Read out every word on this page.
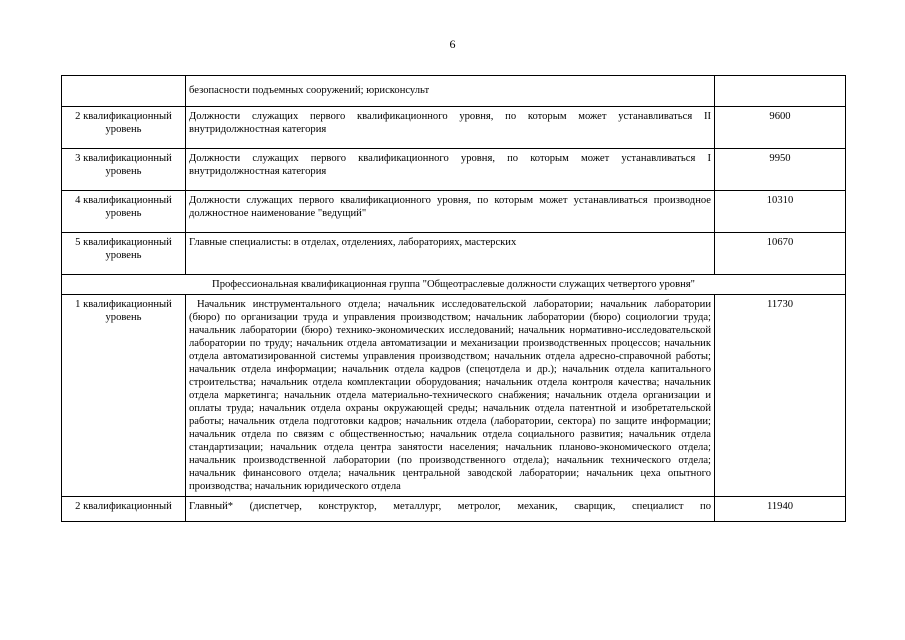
6
	безопасности подъемных сооружений; юрисконсульт	
2 квалификационный уровень	Должности служащих первого квалификационного уровня, по которым может устанавливаться II внутридолжностная категория	9600
3 квалификационный уровень	Должности служащих первого квалификационного уровня, по которым может устанавливаться I внутридолжностная категория	9950
4 квалификационный уровень	Должности служащих первого квалификационного уровня, по которым может устанавливаться производное должностное наименование "ведущий"	10310
5 квалификационный уровень	Главные специалисты: в отделах, отделениях, лабораториях, мастерских	10670
Профессиональная квалификационная группа "Общеотраслевые должности служащих четвертого уровня"		
1 квалификационный уровень	Начальник инструментального отдела; начальник исследовательской лаборатории; начальник лаборатории (бюро) по организации труда и управления производством; начальник лаборатории (бюро) социологии труда; начальник лаборатории (бюро) технико-экономических исследований; начальник нормативно-исследовательской лаборатории по труду; начальник отдела автоматизации и механизации производственных процессов; начальник отдела автоматизированной системы управления производством; начальник отдела адресно-справочной работы; начальник отдела информации; начальник отдела кадров (спецотдела и др.); начальник отдела капитального строительства; начальник отдела комплектации оборудования; начальник отдела контроля качества; начальник отдела маркетинга; начальник отдела материально-технического снабжения; начальник отдела организации и оплаты труда; начальник отдела охраны окружающей среды; начальник отдела патентной и изобретательской работы; начальник отдела подготовки кадров; начальник отдела (лаборатории, сектора) по защите информации; начальник отдела по связям с общественностью; начальник отдела социального развития; начальник отдела стандартизации; начальник отдела центра занятости населения; начальник планово-экономического отдела; начальник производственной лаборатории (по производственного отдела); начальник технического отдела; начальник финансового отдела; начальник центральной заводской лаборатории; начальник цеха опытного производства; начальник юридического отдела	11730
2 квалификационный	Главный* (диспетчер, конструктор, металлург, метролог, механик, сварщик, специалист по	11940
